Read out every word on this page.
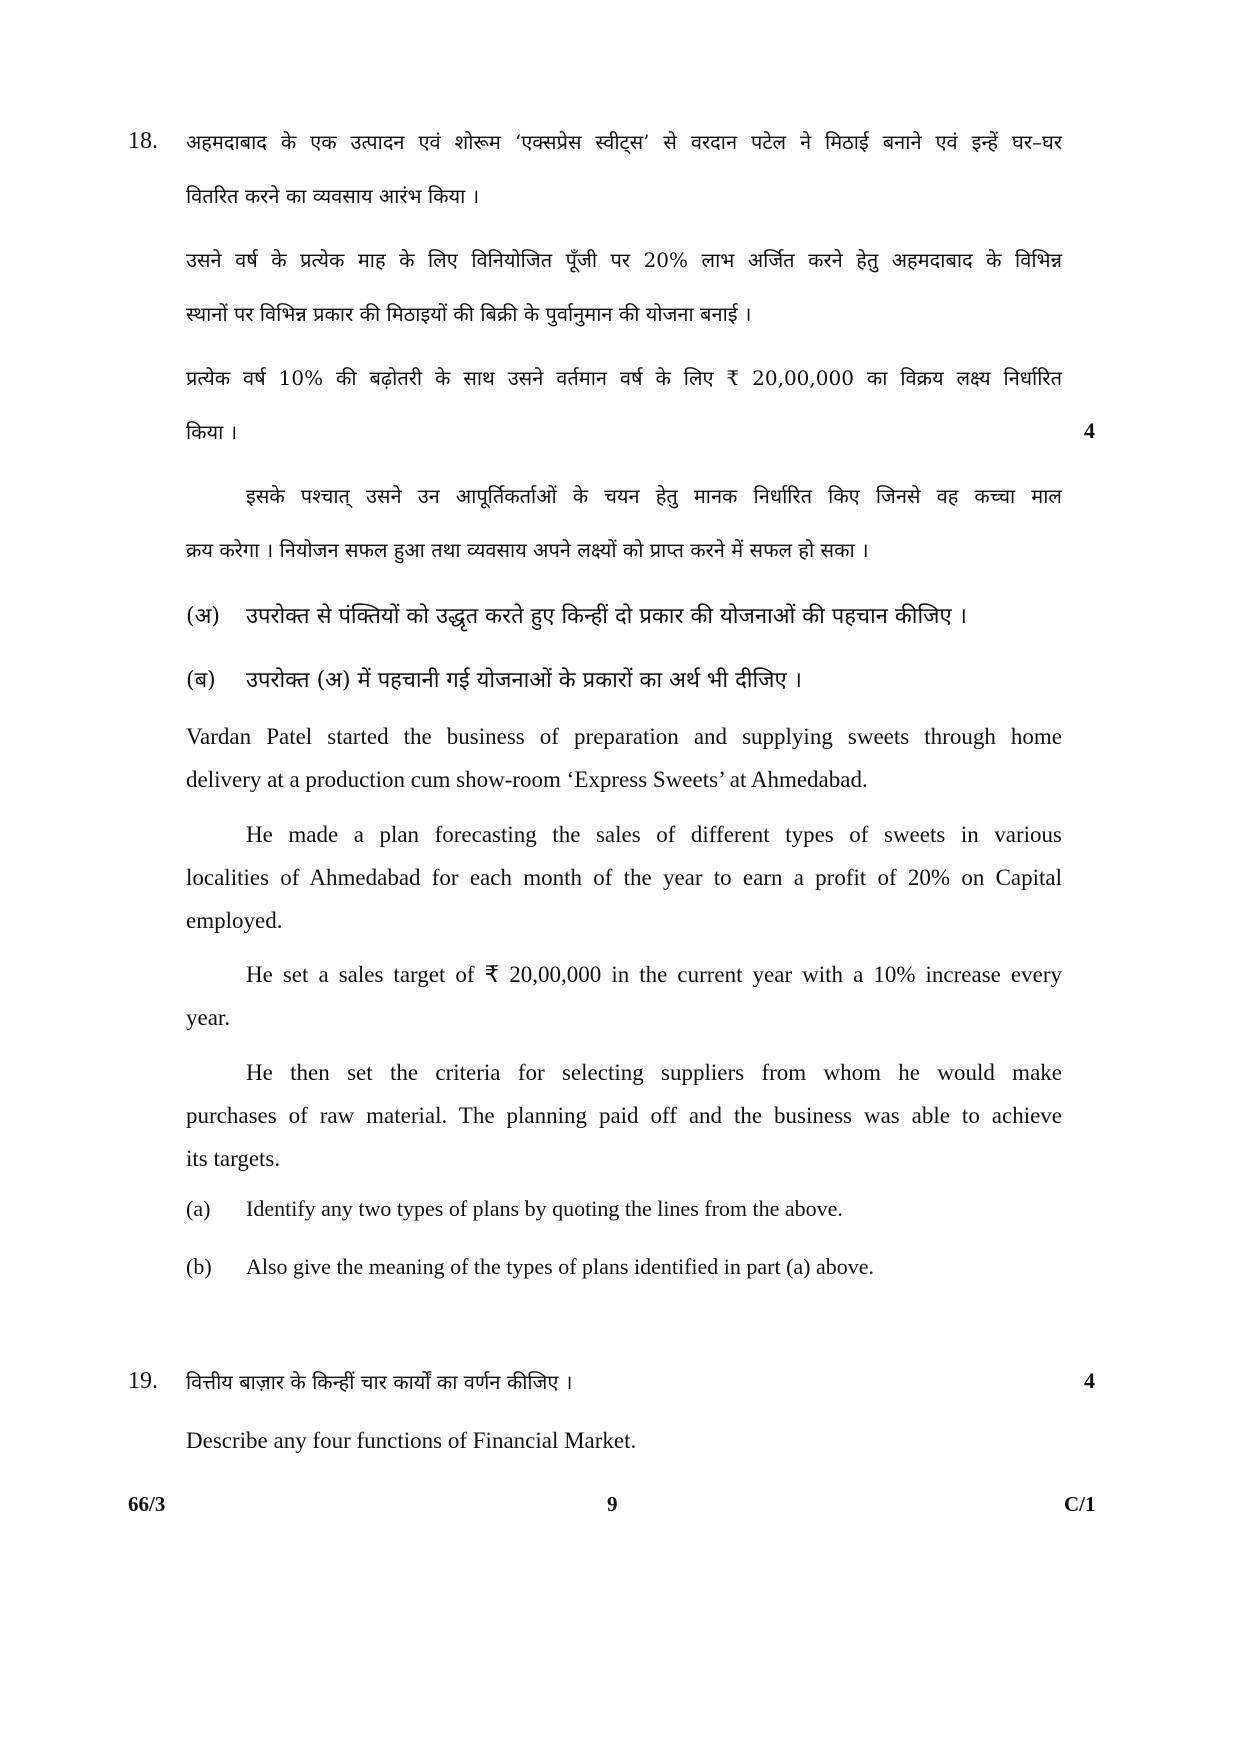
18. अहमदाबाद के एक उत्पादन एवं शोरूम ‘एक्सप्रेस स्वीट्स’ से वरदान पटेल ने मिठाई बनाने एवं इन्हें घर–घर
वितरित करने का व्यवसाय आरंभ किया ।
उसने वर्ष के प्रत्येक माह के लिए विनियोजित पूँजी पर 20% लाभ अर्जित करने हेतु अहमदाबाद के विभिन्न
स्थानों पर विभिन्न प्रकार की मिठाइयों की बिक्री के पुर्वानुमान की योजना बनाई ।
प्रत्येक वर्ष 10% की बढ़ोतरी के साथ उसने वर्तमान वर्ष के लिए ₹ 20,00,000 का विक्रय लक्ष्य निर्धारित
किया ।	4
इसके पश्चात् उसने उन आपूर्तिकर्ताओं के चयन हेतु मानक निर्धारित किए जिनसे वह कच्चा माल
क्रय करेगा । नियोजन सफल हुआ तथा व्यवसाय अपने लक्ष्यों को प्राप्त करने में सफल हो सका ।
(अ) उपरोक्त से पंक्तियों को उद्धृत करते हुए किन्हीं दो प्रकार की योजनाओं की पहचान कीजिए ।
(ब) उपरोक्त (अ) में पहचानी गई योजनाओं के प्रकारों का अर्थ भी दीजिए ।
Vardan Patel started the business of preparation and supplying sweets through home
delivery at a production cum show-room ‘Express Sweets’ at Ahmedabad.
He made a plan forecasting the sales of different types of sweets in various
localities of Ahmedabad for each month of the year to earn a profit of 20% on Capital
employed.
He set a sales target of ₹ 20,00,000 in the current year with a 10% increase every
year.
He then set the criteria for selecting suppliers from whom he would make
purchases of raw material. The planning paid off and the business was able to achieve
its targets.
(a) Identify any two types of plans by quoting the lines from the above.
(b) Also give the meaning of the types of plans identified in part (a) above.
19. वित्तीय बाज़ार के किन्हीं चार कार्यों का वर्णन कीजिए ।	4
Describe any four functions of Financial Market.
66/3	9	C/1
